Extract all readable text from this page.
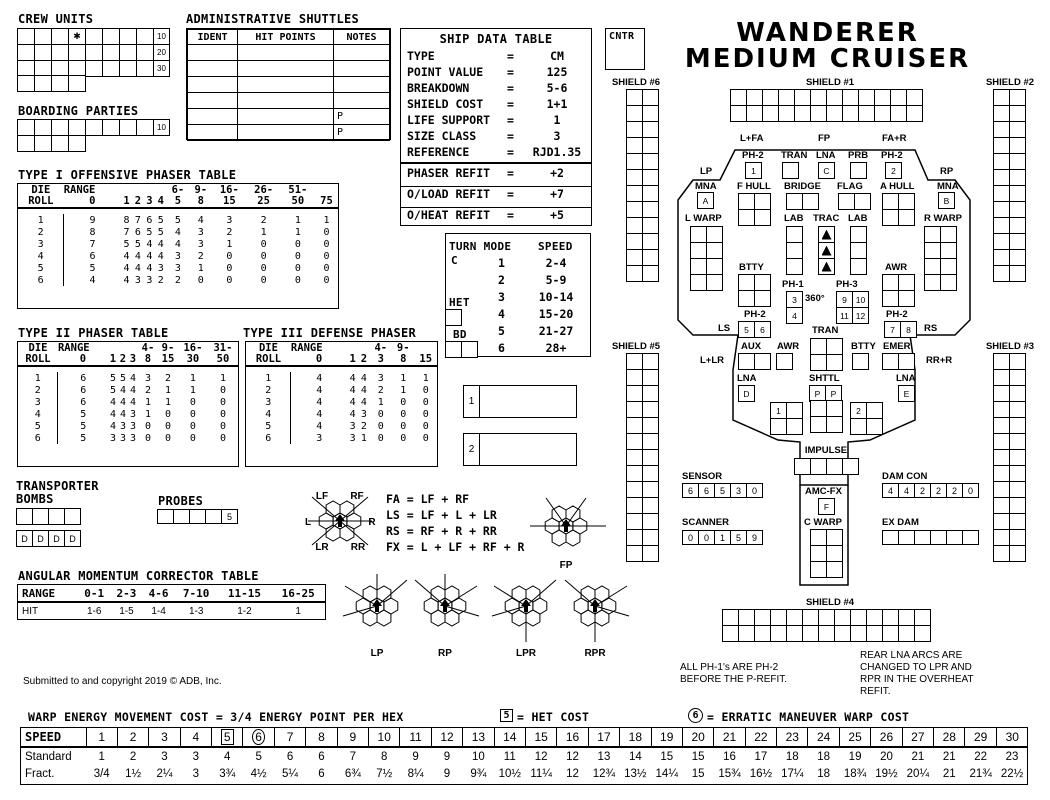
CREW UNITS
✱	10
20
30
ADMINISTRATIVE SHUTTLES
IDENT	HIT POINTS	NOTES

		P
		P
BOARDING PARTIES
10
SHIP DATA TABLE
TYPE	=	CM
POINT VALUE =	125
BREAKDOWN	=	5-6
SHIELD COST =	1+1
LIFE SUPPORT =	1
SIZE CLASS	=	3
REFERENCE	=	RJD1.35
PHASER REFIT =	+2
O/LOAD REFIT =	+7
O/HEAT REFIT =	+5
CNTR	WANDERER
MEDIUM CRUISER
TYPE I OFFENSIVE PHASER TABLE
DIE	RANGE					6-	9-	16-	26-	51-	
ROLL	0	1	2	3	4	5	8	15	25	50	75

1	9	8	7	6	5	5	4	3	2	1	1
2	8	7	6	5	5	4	3	2	1	1	0
3	7	5	5	4	4	4	3	1	0	0	0
4	6	4	4	4	4	3	2	0	0	0	0
5	5	4	4	4	3	3	1	0	0	0	0
6	4	4	3	3	2	2	0	0	0	0	0
TYPE II PHASER TABLE
DIE	RANGE				4-	9-	16-	31-
ROLL	0	1	2	3	8	15	30	50

1	6	5	5	4	3	2	1	1
2	6	5	4	4	2	1	1	0
3	6	4	4	4	1	1	0	0
4	5	4	4	3	1	0	0	0
5	5	4	3	3	0	0	0	0
6	5	3	3	3	0	0	0	0
TYPE III DEFENSE PHASER
DIE	RANGE			4-	9-	
ROLL	0	1	2	3	8	15

1	4	4	4	3	1	1
2	4	4	4	2	1	0
3	4	4	4	1	0	0
4	4	4	3	0	0	0
5	4	3	2	0	0	0
6	3	3	1	0	0	0
TURN MODE SPEED
C	1	2-4
2	5-9
3	10-14
4	15-20
5	21-27
6	28+
HET
BD
1
2
TRANSPORTER
BOMBS
D	D	D	D
PROBES
5
FA = LF + RF
LS = LF + L + LR
RS = RF + R + RR
FX = L + LF + RF + R
LF RF
L	R
LR RR
FP
LP	RP	LPR	RPR
ANGULAR MOMENTUM CORRECTOR TABLE
RANGE	0-1	2-3	4-6	7-10	11-15	16-25
HIT	1-6	1-5	1-4	1-3	1-2	1
Submitted to and copyright 2019 © ADB, Inc.
SHIELD #6	SHIELD #2
SHIELD #5	SHIELD #3
SHIELD #1
SHIELD #4
L+FA	FP	FA+R
PH-2 TRAN LNA PRB PH-2
1	C	2
LP	RP
MNA	MNA
A	B
F HULL BRIDGE FLAG A HULL
L WARP	R WARP
LAB TRAC LAB
BTTY	AWR
PH-1	PH-3
3
4
360°	9	10
11 12
LS
PH-2
5	6
PH-2
7	8	RS
TRAN
L+LR	RR+R
AUX AWR	BTTY EMER
LNA	SHTTL	LNA
D	P	P	E
1	2
IMPULSE
AMC-FX
F
C WARP
SENSOR
6	6	5	3	0
SCANNER
0	0	1	5	9
DAM CON
4	4	2	2	2	0
EX DAM
ALL PH-1's ARE PH-2
BEFORE THE P-REFIT.
REAR LNA ARCS ARE
CHANGED TO LPR AND
RPR IN THE OVERHEAT
REFIT.
WARP ENERGY MOVEMENT COST = 3/4 ENERGY POINT PER HEX	5 = HET COST	6 = ERRATIC MANEUVER WARP COST
SPEED	1	2	3	4	5	6	7	8	9	10	11	12	13	14	15	16	17	18	19	20	21	22	23	24	25	26	27	28	29	30
Standard	1	2	3	3	4	5	6	6	7	8	9	9	10	11	12	12	13	14	15	15	16	17	18	18	19	20	21	21	22	23
Fract.	3/4	1½	2¼	3	3¾	4½	5¼	6	6¾	7½	8¼	9	9¾	10½	11¼	12	12¾	13½	14¼	15	15¾	16½	17¼	18	18¾	19½	20¼	21	21¾	22½
